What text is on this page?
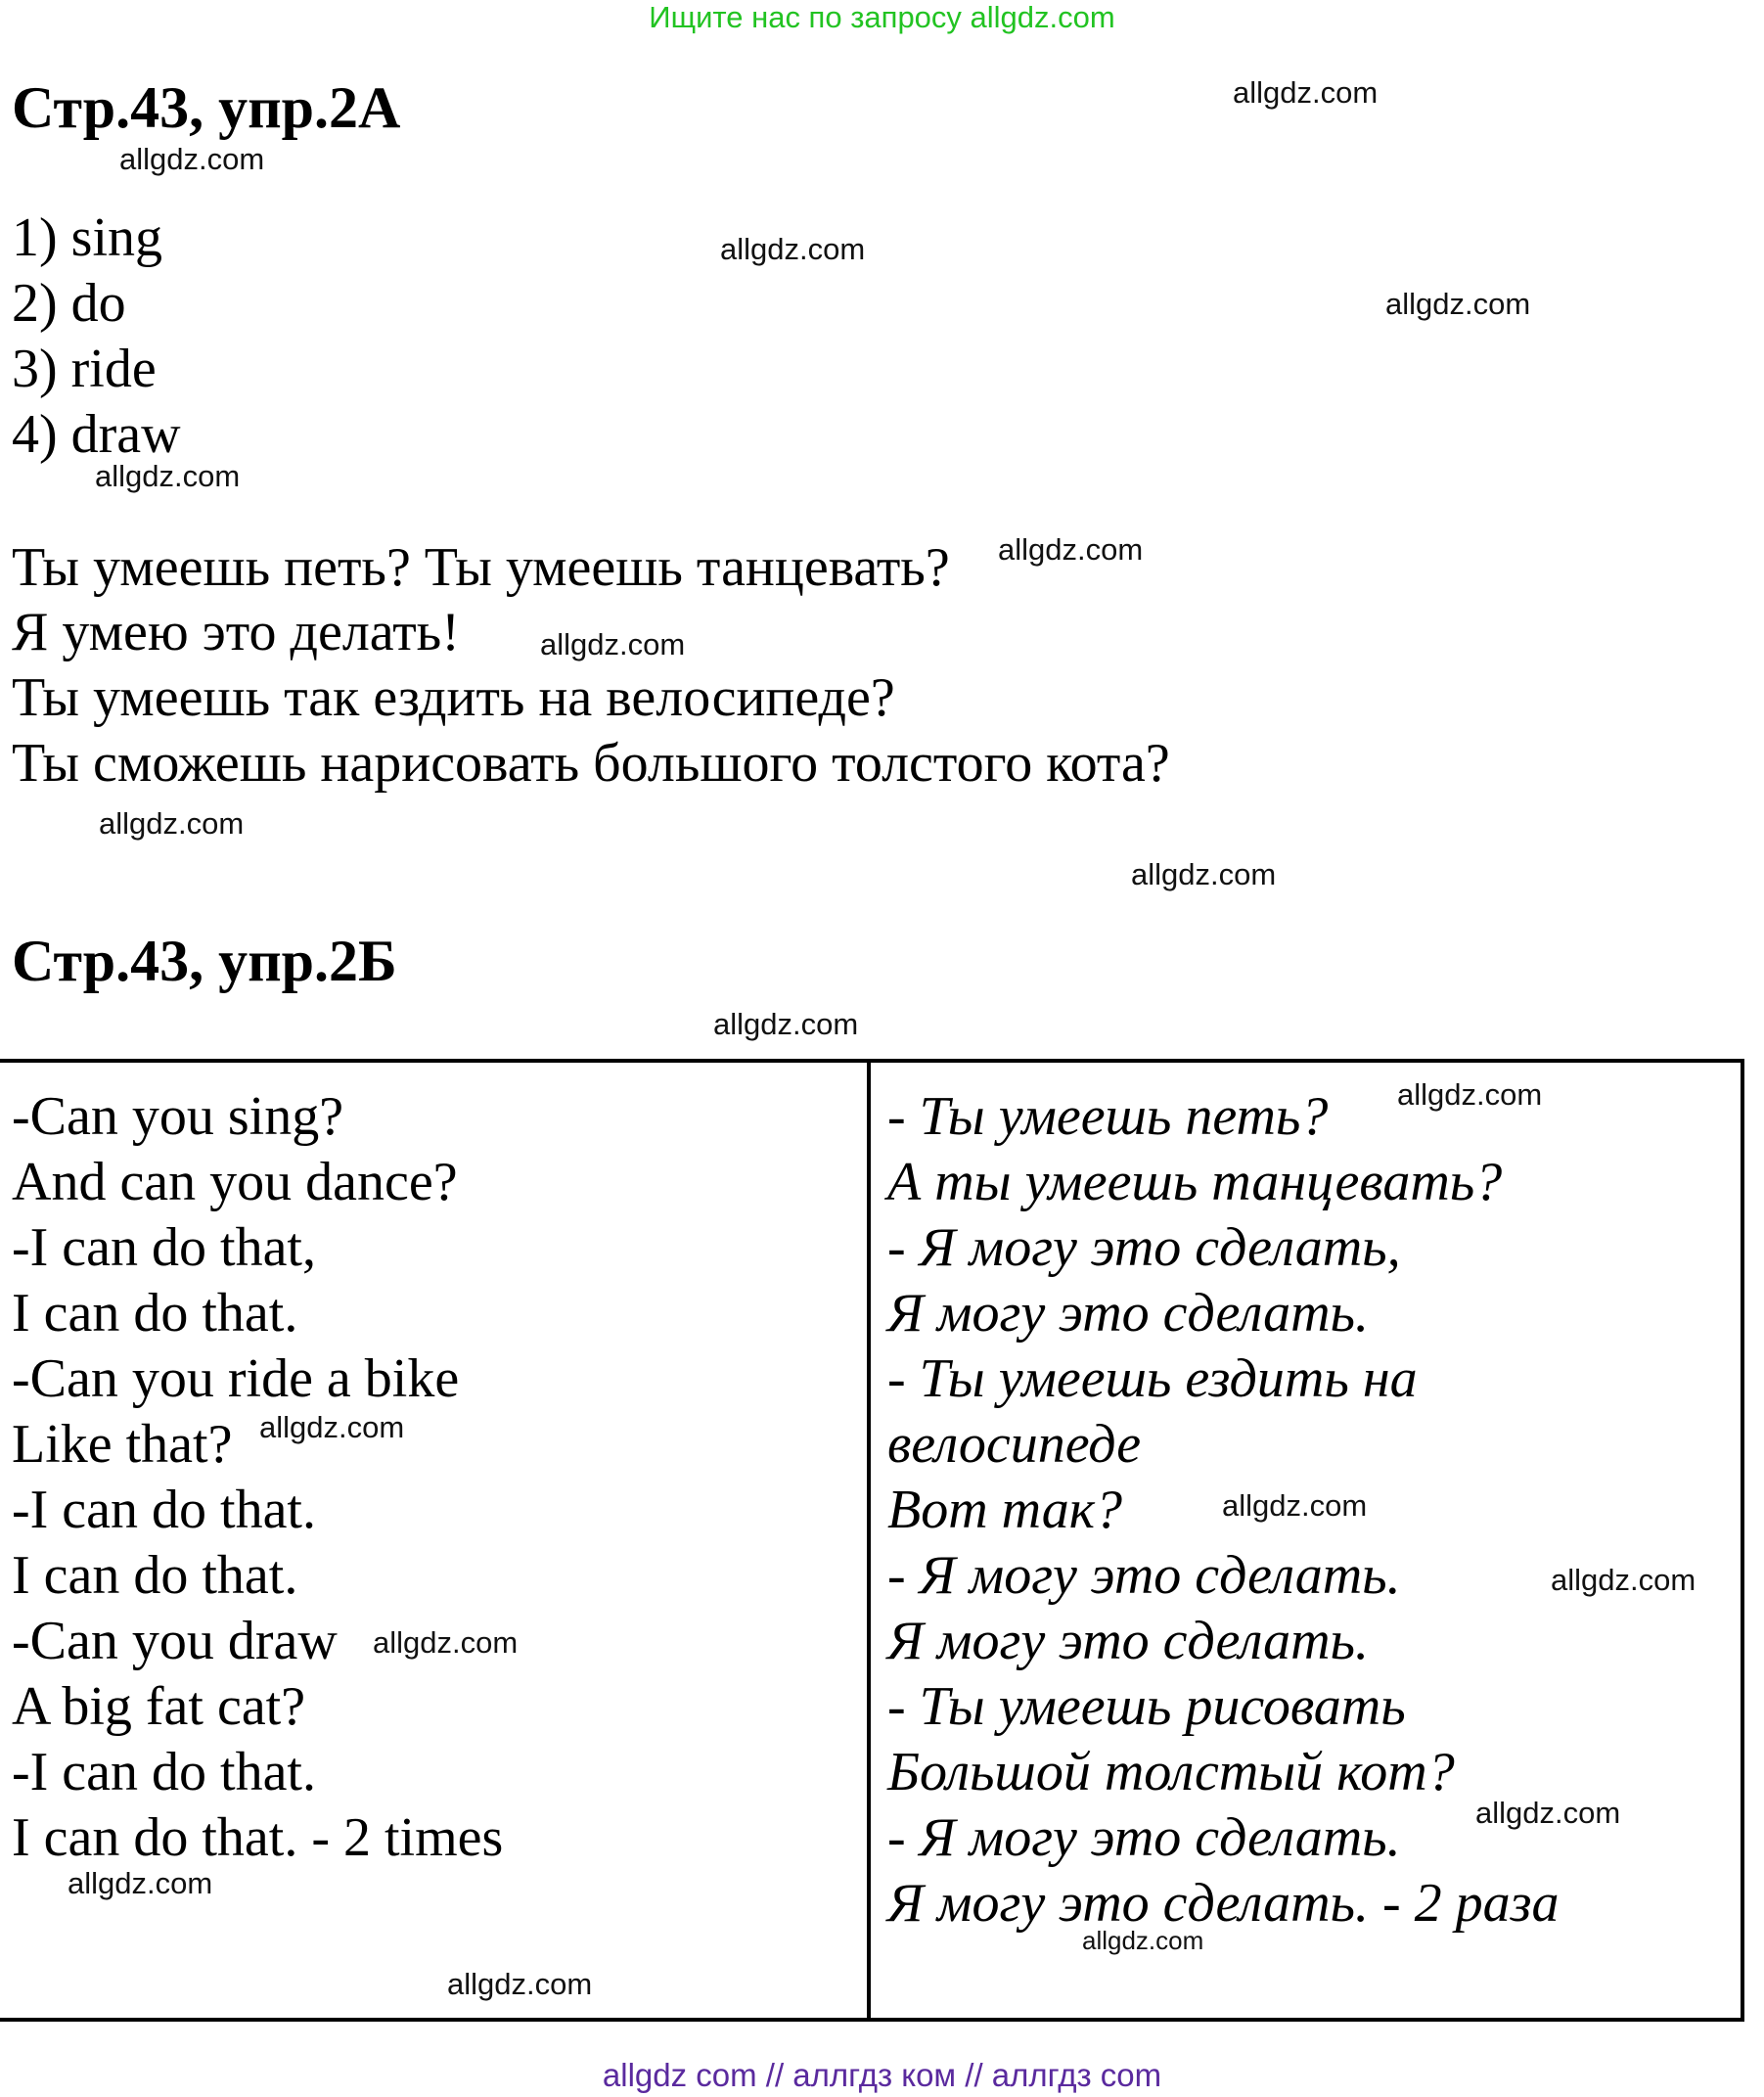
Ищите нас по запросу allgdz.com
Стр.43, упр.2А
1) sing
2) do
3) ride
4) draw
Ты умеешь петь? Ты умеешь танцевать?
Я умею это делать!
Ты умеешь так ездить на велосипеде?
Ты сможешь нарисовать большого толстого кота?
Стр.43, упр.2Б
-Can you sing?
And can you dance?
-I can do that,
I can do that.
-Can you ride a bike
Like that?
-I can do that.
I can do that.
-Can you draw
A big fat cat?
-I can do that.
I can do that. - 2 times
- Ты умеешь петь?
А ты умеешь танцевать?
- Я могу это сделать,
Я могу это сделать.
- Ты умеешь ездить на
велосипеде
Вот так?
- Я могу это сделать.
Я могу это сделать.
- Ты умеешь рисовать
Большой толстый кот?
- Я могу это сделать.
Я могу это сделать. - 2 раза
allgdz.com
allgdz.com
allgdz.com
allgdz.com
allgdz.com
allgdz.com
allgdz.com
allgdz.com
allgdz.com
allgdz.com
allgdz.com
allgdz.com
allgdz.com
allgdz.com
allgdz.com
allgdz.com
allgdz.com
allgdz.com
allgdz.com
allgdz com // аллгдз ком // аллгдз com
